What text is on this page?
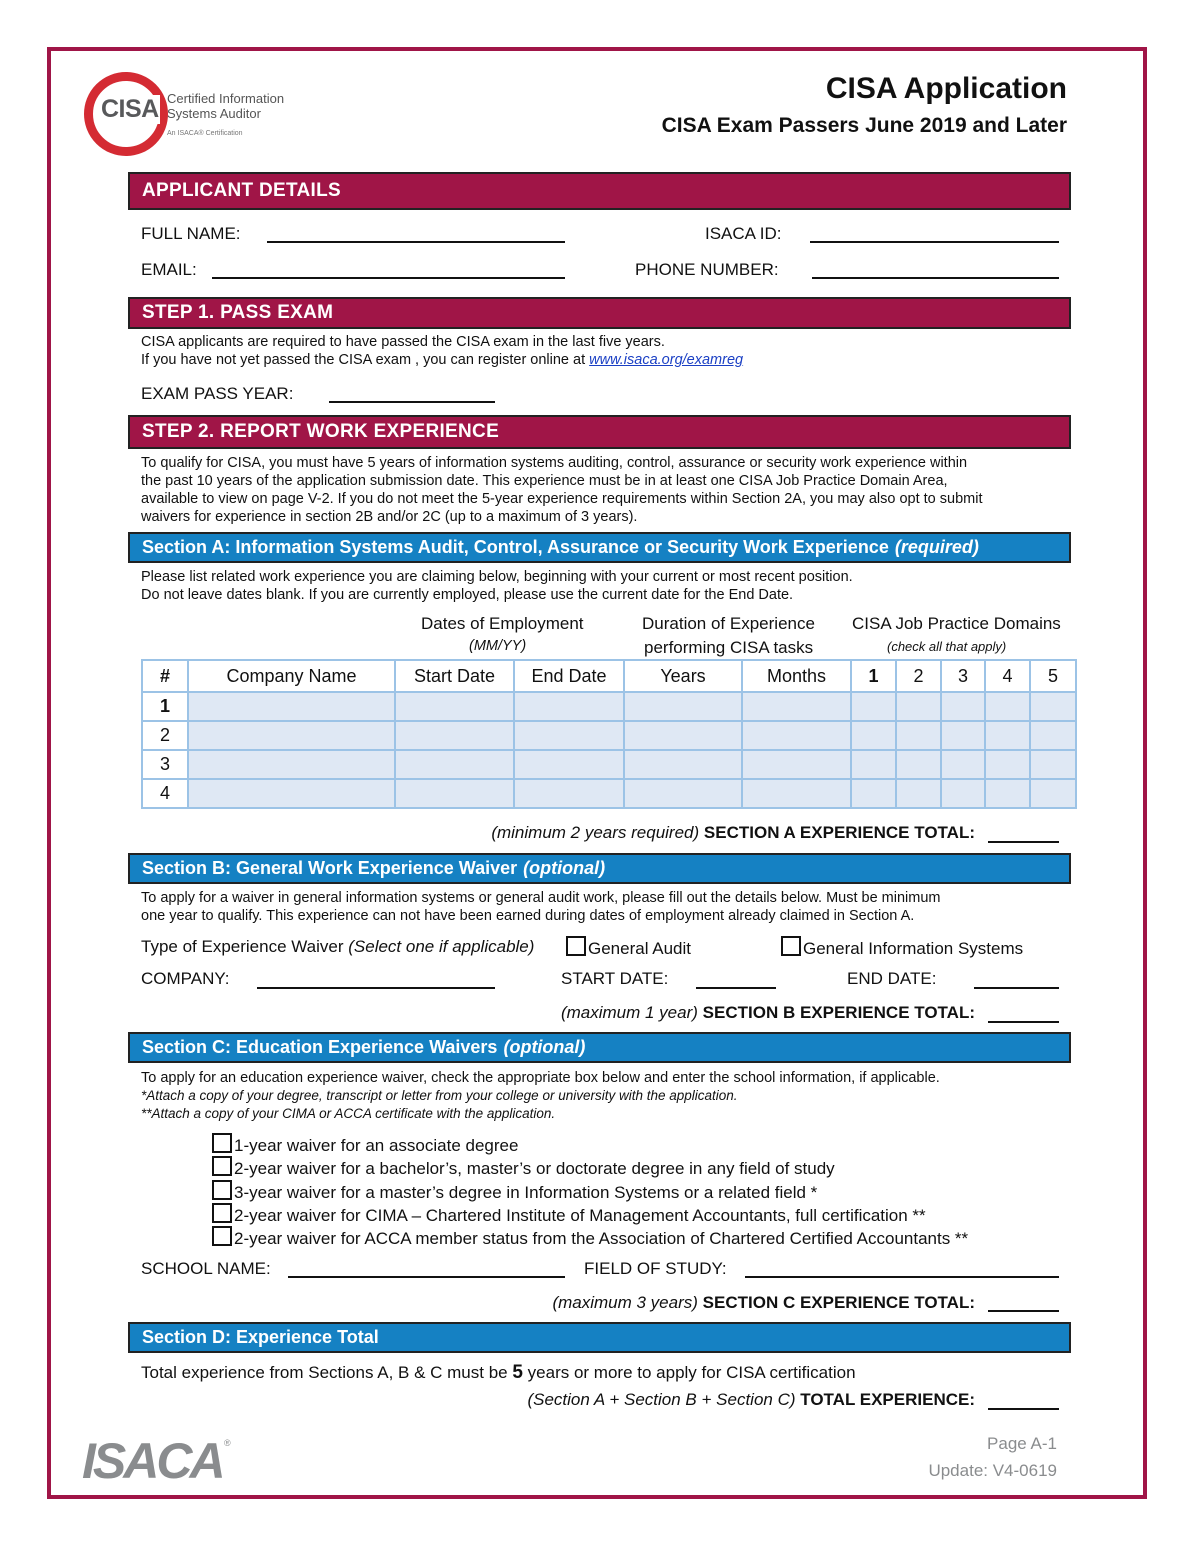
CISA Certified Information
Systems Auditor
An ISACA® Certification
CISA Application
CISA Exam Passers June 2019 and Later
APPLICANT DETAILS
FULL NAME:	ISACA ID:
EMAIL:	PHONE NUMBER:
STEP 1. PASS EXAM
CISA applicants are required to have passed the CISA exam in the last five years.
If you have not yet passed the CISA exam , you can register online at www.isaca.org/examreg
EXAM PASS YEAR:
STEP 2. REPORT WORK EXPERIENCE
To qualify for CISA, you must have 5 years of information systems auditing, control, assurance or security work experience within
the past 10 years of the application submission date. This experience must be in at least one CISA Job Practice Domain Area,
available to view on page V-2. If you do not meet the 5-year experience requirements within Section 2A, you may also opt to submit
waivers for experience in section 2B and/or 2C (up to a maximum of 3 years).
Section A: Information Systems Audit, Control, Assurance or Security Work Experience (required)
Please list related work experience you are claiming below, beginning with your current or most recent position.
Do not leave dates blank. If you are currently employed, please use the current date for the End Date.
Dates of Employment
(MM/YY)
Duration of Experience
performing CISA tasks
CISA Job Practice Domains
(check all that apply)
#	Company Name	Start Date	End Date	Years	Months	1	2	3	4	5
1										
2										
3										
4										
(minimum 2 years required) SECTION A EXPERIENCE TOTAL:
Section B: General Work Experience Waiver (optional)
To apply for a waiver in general information systems or general audit work, please fill out the details below. Must be minimum
one year to qualify. This experience can not have been earned during dates of employment already claimed in Section A.
Type of Experience Waiver (Select one if applicable)	General Audit	General Information Systems
COMPANY:	START DATE:	END DATE:
(maximum 1 year) SECTION B EXPERIENCE TOTAL:
Section C: Education Experience Waivers (optional)
To apply for an education experience waiver, check the appropriate box below and enter the school information, if applicable.
*Attach a copy of your degree, transcript or letter from your college or university with the application.
**Attach a copy of your CIMA or ACCA certificate with the application.
1-year waiver for an associate degree
2-year waiver for a bachelor’s, master’s or doctorate degree in any field of study
3-year waiver for a master’s degree in Information Systems or a related field *
2-year waiver for CIMA – Chartered Institute of Management Accountants, full certification **
2-year waiver for ACCA member status from the Association of Chartered Certified Accountants **
SCHOOL NAME:	FIELD OF STUDY:
(maximum 3 years) SECTION C EXPERIENCE TOTAL:
Section D: Experience Total
Total experience from Sections A, B & C must be 5 years or more to apply for CISA certification
(Section A + Section B + Section C) TOTAL EXPERIENCE:
ISACA ®	Page A-1
Update: V4-0619
